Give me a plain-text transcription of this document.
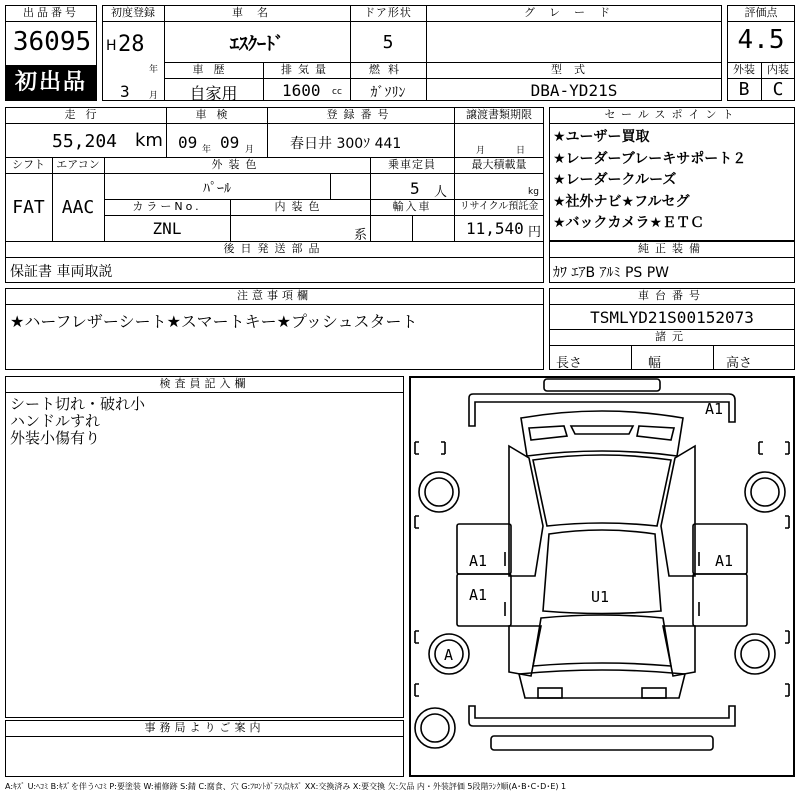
出品番号
36095
初出品
初度登録
H 28
年
3 月
車名
ｴｽｸｰﾄﾞ
ドア形状
5
グレード
車歴
自家用
排気量
1600 cc
燃料
ｶﾞｿﾘﾝ
型式
DBA-YD21S
評価点
4.5
外装	内装
B	C
走行
55,204 km
車検
09 年 09 月
登録番号
春日井 300ｿ 441
譲渡書類期限
月	日
シフト	エアコン
FAT AAC
外装色
ﾊﾟｰﾙ
乗車定員
5 人
最大積載量
kg
カラーNo.
ZNL
内装色
系
輸入車	リサイクル預託金
11,540 円
後日発送部品
保証書 車両取説
セールスポイント
★ユーザー買取
★レーダーブレーキサポート２
★レーダークルーズ
★社外ナビ★フルセグ
★バックカメラ★ＥＴＣ
純正装備
ｶﾜ ｴｱB ｱﾙﾐ PS PW
注意事項欄
★ハーフレザーシート★スマートキー★プッシュスタート
車台番号
TSMLYD21S00152073
諸元
長さ	幅	高さ
検査員記入欄
シート切れ・破れ小
ハンドルすれ
外装小傷有り
事務局よりご案内
A1
A1	A1
A1	U1
A
A:ｷｽﾞ U:ﾍｺﾐ B:ｷｽﾞを伴うﾍｺﾐ P:要塗装 W:補修跡 S:錆 C:腐食、穴 G:ﾌﾛﾝﾄｶﾞﾗｽ点ｷｽﾞ XX:交換済み X:要交換 欠:欠品 内・外装評価 5段階ﾗﾝｸ順(A･B･C･D･E) 1
